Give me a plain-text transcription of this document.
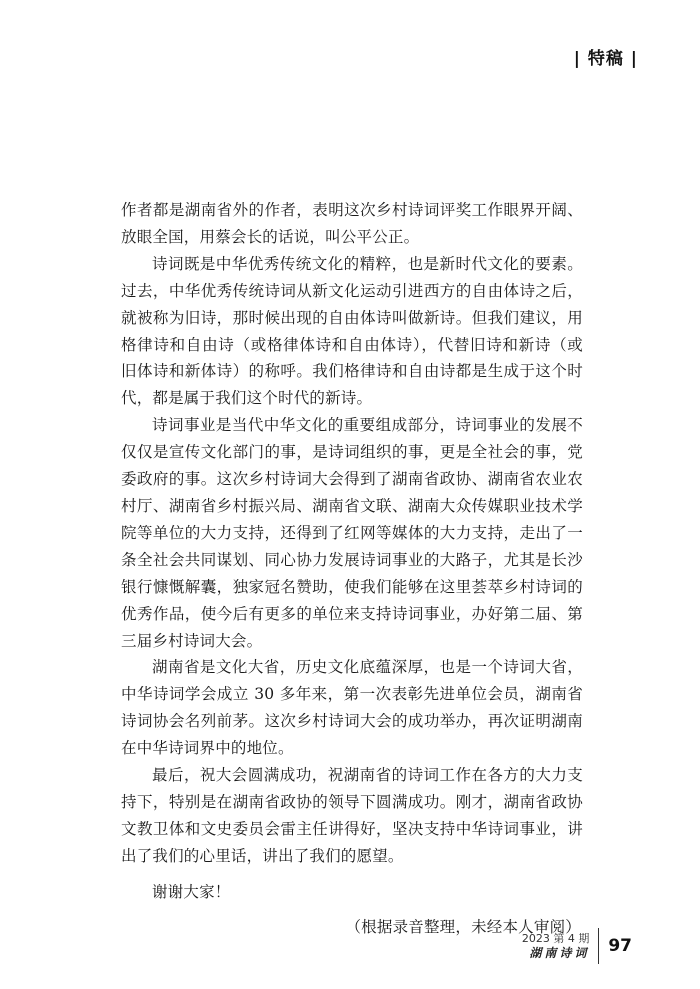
| 特稿 |

作者都是湖南省外的作者，表明这次乡村诗词评奖工作眼界开阔、放眼全国，用蔡会长的话说，叫公平公正。

诗词既是中华优秀传统文化的精粹，也是新时代文化的要素。过去，中华优秀传统诗词从新文化运动引进西方的自由体诗之后，就被称为旧诗，那时候出现的自由体诗叫做新诗。但我们建议，用格律诗和自由诗（或格律体诗和自由体诗），代替旧诗和新诗（或旧体诗和新体诗）的称呼。我们格律诗和自由诗都是生成于这个时代，都是属于我们这个时代的新诗。

诗词事业是当代中华文化的重要组成部分，诗词事业的发展不仅仅是宣传文化部门的事，是诗词组织的事，更是全社会的事，党委政府的事。这次乡村诗词大会得到了湖南省政协、湖南省农业农村厅、湖南省乡村振兴局、湖南省文联、湖南大众传媒职业技术学院等单位的大力支持，还得到了红网等媒体的大力支持，走出了一条全社会共同谋划、同心协力发展诗词事业的大路子，尤其是长沙银行慷慨解囊，独家冠名赞助，使我们能够在这里荟萃乡村诗词的优秀作品，使今后有更多的单位来支持诗词事业，办好第二届、第三届乡村诗词大会。

湖南省是文化大省，历史文化底蕴深厚，也是一个诗词大省，中华诗词学会成立 30 多年来，第一次表彰先进单位会员，湖南省诗词协会名列前茅。这次乡村诗词大会的成功举办，再次证明湖南在中华诗词界中的地位。

最后，祝大会圆满成功，祝湖南省的诗词工作在各方的大力支持下，特别是在湖南省政协的领导下圆满成功。刚才，湖南省政协文教卫体和文史委员会雷主任讲得好，坚决支持中华诗词事业，讲出了我们的心里话，讲出了我们的愿望。

谢谢大家！

（根据录音整理，未经本人审阅）

2023 第 4 期
湖南诗词	97
